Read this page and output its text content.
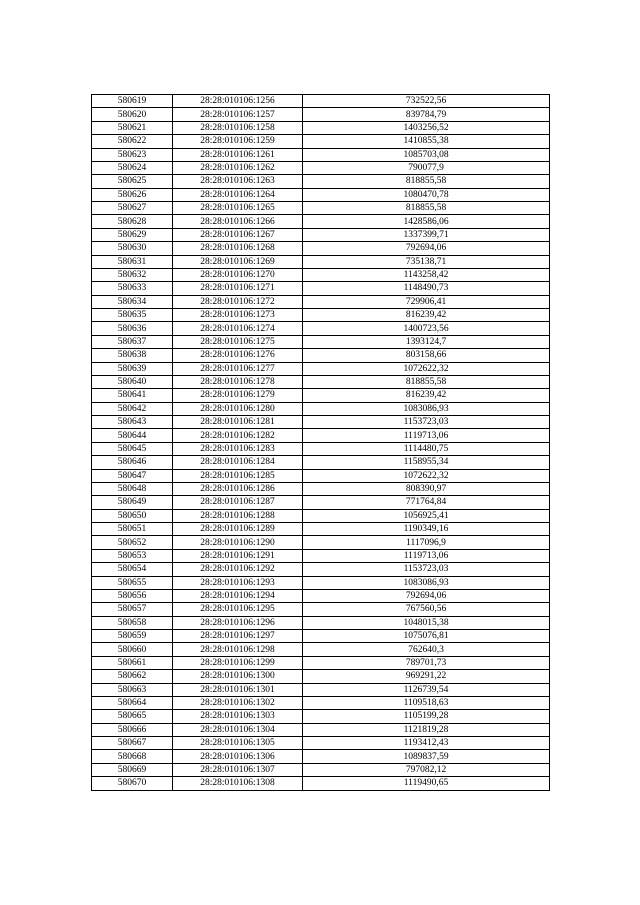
580619	28:28:010106:1256	732522,56
580620	28:28:010106:1257	839784,79
580621	28:28:010106:1258	1403256,52
580622	28:28:010106:1259	1410855,38
580623	28:28:010106:1261	1085703,08
580624	28:28:010106:1262	790077,9
580625	28:28:010106:1263	818855,58
580626	28:28:010106:1264	1080470,78
580627	28:28:010106:1265	818855,58
580628	28:28:010106:1266	1428586,06
580629	28:28:010106:1267	1337399,71
580630	28:28:010106:1268	792694,06
580631	28:28:010106:1269	735138,71
580632	28:28:010106:1270	1143258,42
580633	28:28:010106:1271	1148490,73
580634	28:28:010106:1272	729906,41
580635	28:28:010106:1273	816239,42
580636	28:28:010106:1274	1400723,56
580637	28:28:010106:1275	1393124,7
580638	28:28:010106:1276	803158,66
580639	28:28:010106:1277	1072622,32
580640	28:28:010106:1278	818855,58
580641	28:28:010106:1279	816239,42
580642	28:28:010106:1280	1083086,93
580643	28:28:010106:1281	1153723,03
580644	28:28:010106:1282	1119713,06
580645	28:28:010106:1283	1114480,75
580646	28:28:010106:1284	1158955,34
580647	28:28:010106:1285	1072622,32
580648	28:28:010106:1286	808390,97
580649	28:28:010106:1287	771764,84
580650	28:28:010106:1288	1056925,41
580651	28:28:010106:1289	1190349,16
580652	28:28:010106:1290	1117096,9
580653	28:28:010106:1291	1119713,06
580654	28:28:010106:1292	1153723,03
580655	28:28:010106:1293	1083086,93
580656	28:28:010106:1294	792694,06
580657	28:28:010106:1295	767560,56
580658	28:28:010106:1296	1048015,38
580659	28:28:010106:1297	1075076,81
580660	28:28:010106:1298	762640,3
580661	28:28:010106:1299	789701,73
580662	28:28:010106:1300	969291,22
580663	28:28:010106:1301	1126739,54
580664	28:28:010106:1302	1109518,63
580665	28:28:010106:1303	1105199,28
580666	28:28:010106:1304	1121819,28
580667	28:28:010106:1305	1193412,43
580668	28:28:010106:1306	1089837,59
580669	28:28:010106:1307	797082,12
580670	28:28:010106:1308	1119490,65
